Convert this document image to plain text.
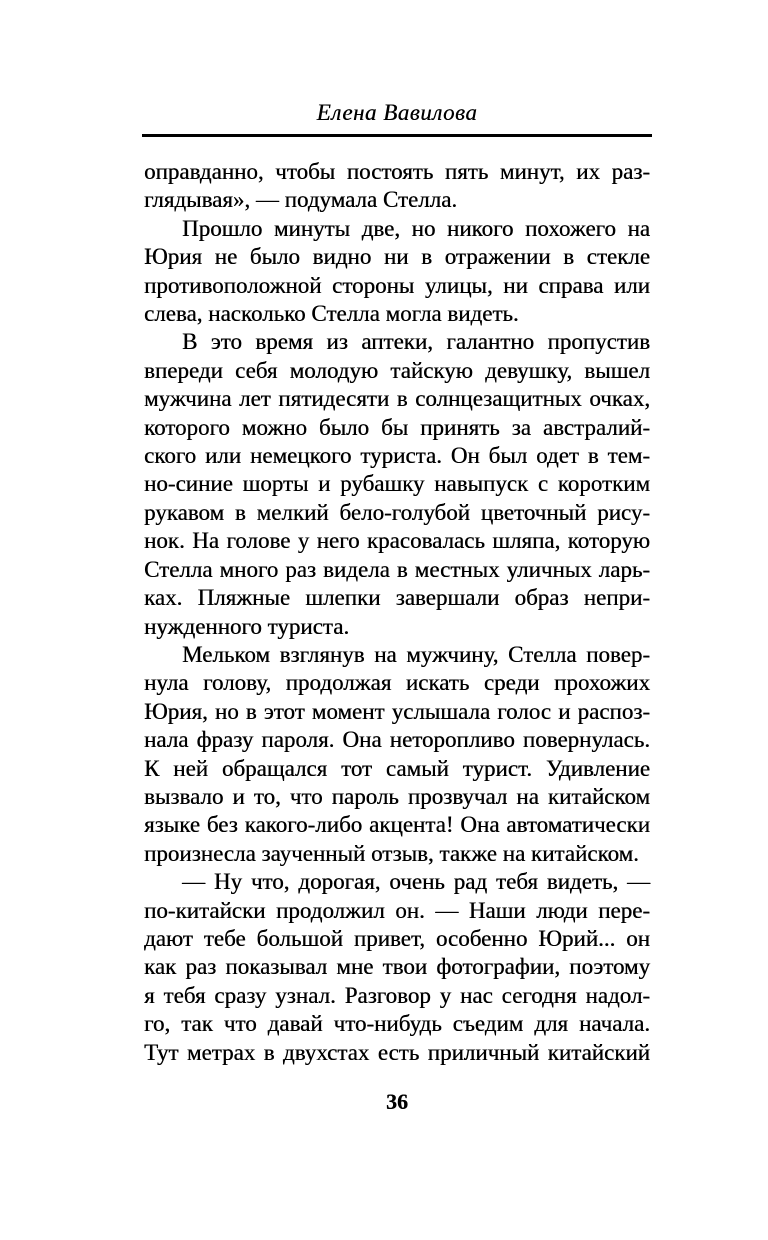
Елена Вавилова
оправданно, чтобы постоять пять минут, их раз-
глядывая», — подумала Стелла.
Прошло минуты две, но никого похожего на
Юрия не было видно ни в отражении в стекле
противоположной стороны улицы, ни справа или
слева, насколько Стелла могла видеть.
В это время из аптеки, галантно пропустив
впереди себя молодую тайскую девушку, вышел
мужчина лет пятидесяти в солнцезащитных очках,
которого можно было бы принять за австралий-
ского или немецкого туриста. Он был одет в тем-
но-синие шорты и рубашку навыпуск с коротким
рукавом в мелкий бело-голубой цветочный рису-
нок. На голове у него красовалась шляпа, которую
Стелла много раз видела в местных уличных ларь-
ках. Пляжные шлепки завершали образ непри-
нужденного туриста.
Мельком взглянув на мужчину, Стелла повер-
нула голову, продолжая искать среди прохожих
Юрия, но в этот момент услышала голос и распоз-
нала фразу пароля. Она неторопливо повернулась.
К ней обращался тот самый турист. Удивление
вызвало и то, что пароль прозвучал на китайском
языке без какого-либо акцента! Она автоматически
произнесла заученный отзыв, также на китайском.
— Ну что, дорогая, очень рад тебя видеть, —
по-китайски продолжил он. — Наши люди пере-
дают тебе большой привет, особенно Юрий... он
как раз показывал мне твои фотографии, поэтому
я тебя сразу узнал. Разговор у нас сегодня надол-
го, так что давай что-нибудь съедим для начала.
Тут метрах в двухстах есть приличный китайский
36
